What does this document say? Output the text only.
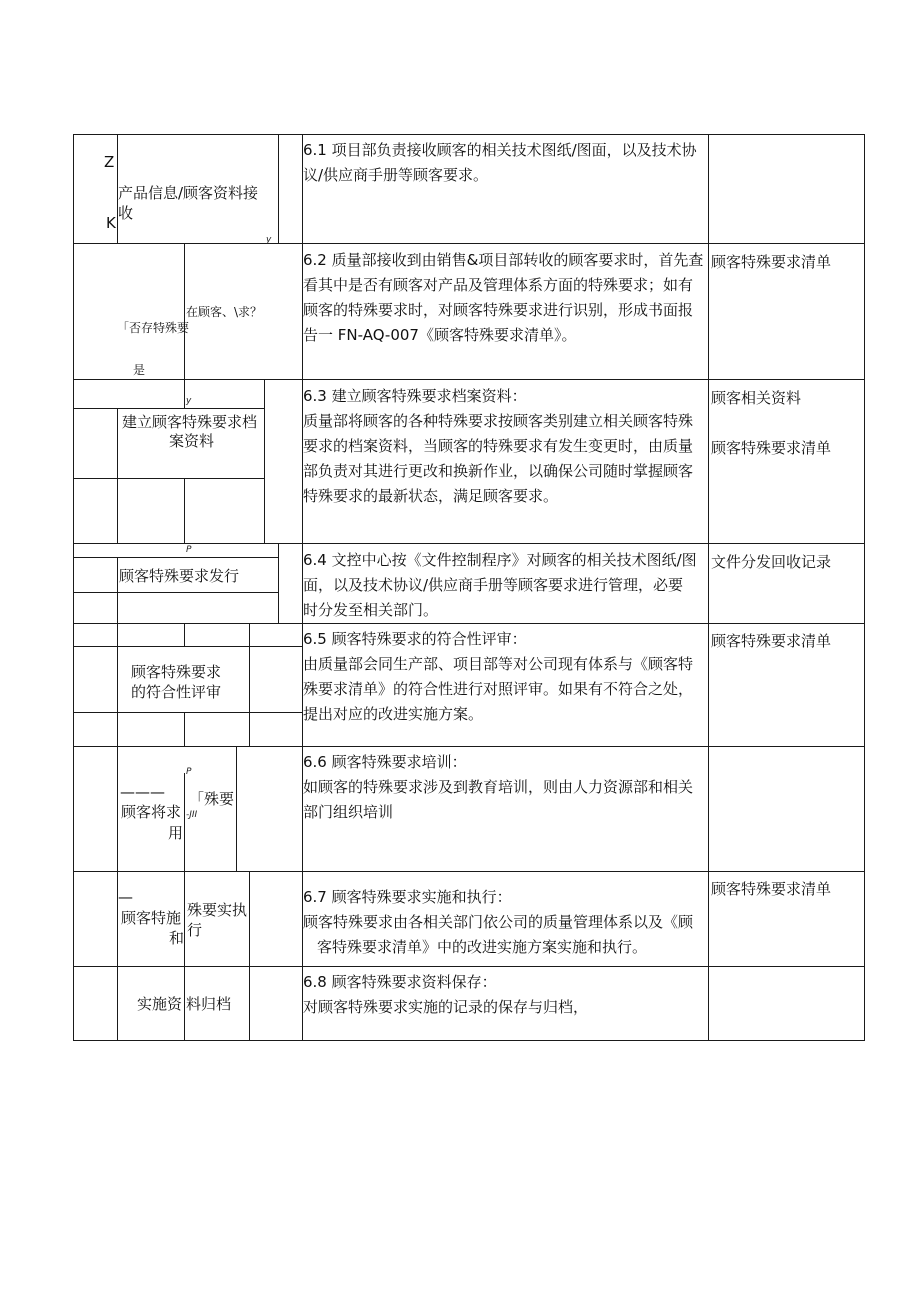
Z
产品信息/顾客资料接
收
K
y
「否存特殊要
在顾客、\求？
是
y
建立顾客特殊要求档
案资料
P
顾客特殊要求发行
顾客特殊要求
的符合性评审
P
-JII
———
顾客将求
用
「殊要
—
顾客特施
和
殊要实执
行
实施资 料归档

6.1 项目部负责接收顾客的相关技术图纸/图面，以及技术协

议/供应商手册等顾客要求。

6.2 质量部接收到由销售&项目部转收的顾客要求时，首先查

看其中是否有顾客对产品及管理体系方面的特殊要求；如有

顾客的特殊要求时，对顾客特殊要求进行识别，形成书面报

告一 FN-AQ-007《顾客特殊要求清单》。

6.3 建立顾客特殊要求档案资料：

质量部将顾客的各种特殊要求按顾客类别建立相关顾客特殊

要求的档案资料，当顾客的特殊要求有发生变更时，由质量

部负责对其进行更改和换新作业，以确保公司随时掌握顾客

特殊要求的最新状态，满足顾客要求。

6.4 文控中心按《文件控制程序》对顾客的相关技术图纸/图

面，以及技术协议/供应商手册等顾客要求进行管理，必要

时分发至相关部门。

6.5 顾客特殊要求的符合性评审：

由质量部会同生产部、项目部等对公司现有体系与《顾客特

殊要求清单》的符合性进行对照评审。如果有不符合之处，

提出对应的改进实施方案。

6.6 顾客特殊要求培训：

如顾客的特殊要求涉及到教育培训，则由人力资源部和相关

部门组织培训

6.7 顾客特殊要求实施和执行：

顾客特殊要求由各相关部门依公司的质量管理体系以及《顾

客特殊要求清单》中的改进实施方案实施和执行。

6.8 顾客特殊要求资料保存：

对顾客特殊要求实施的记录的保存与归档，

顾客特殊要求清单
顾客相关资料
顾客特殊要求清单
文件分发回收记录
顾客特殊要求清单
顾客特殊要求清单
